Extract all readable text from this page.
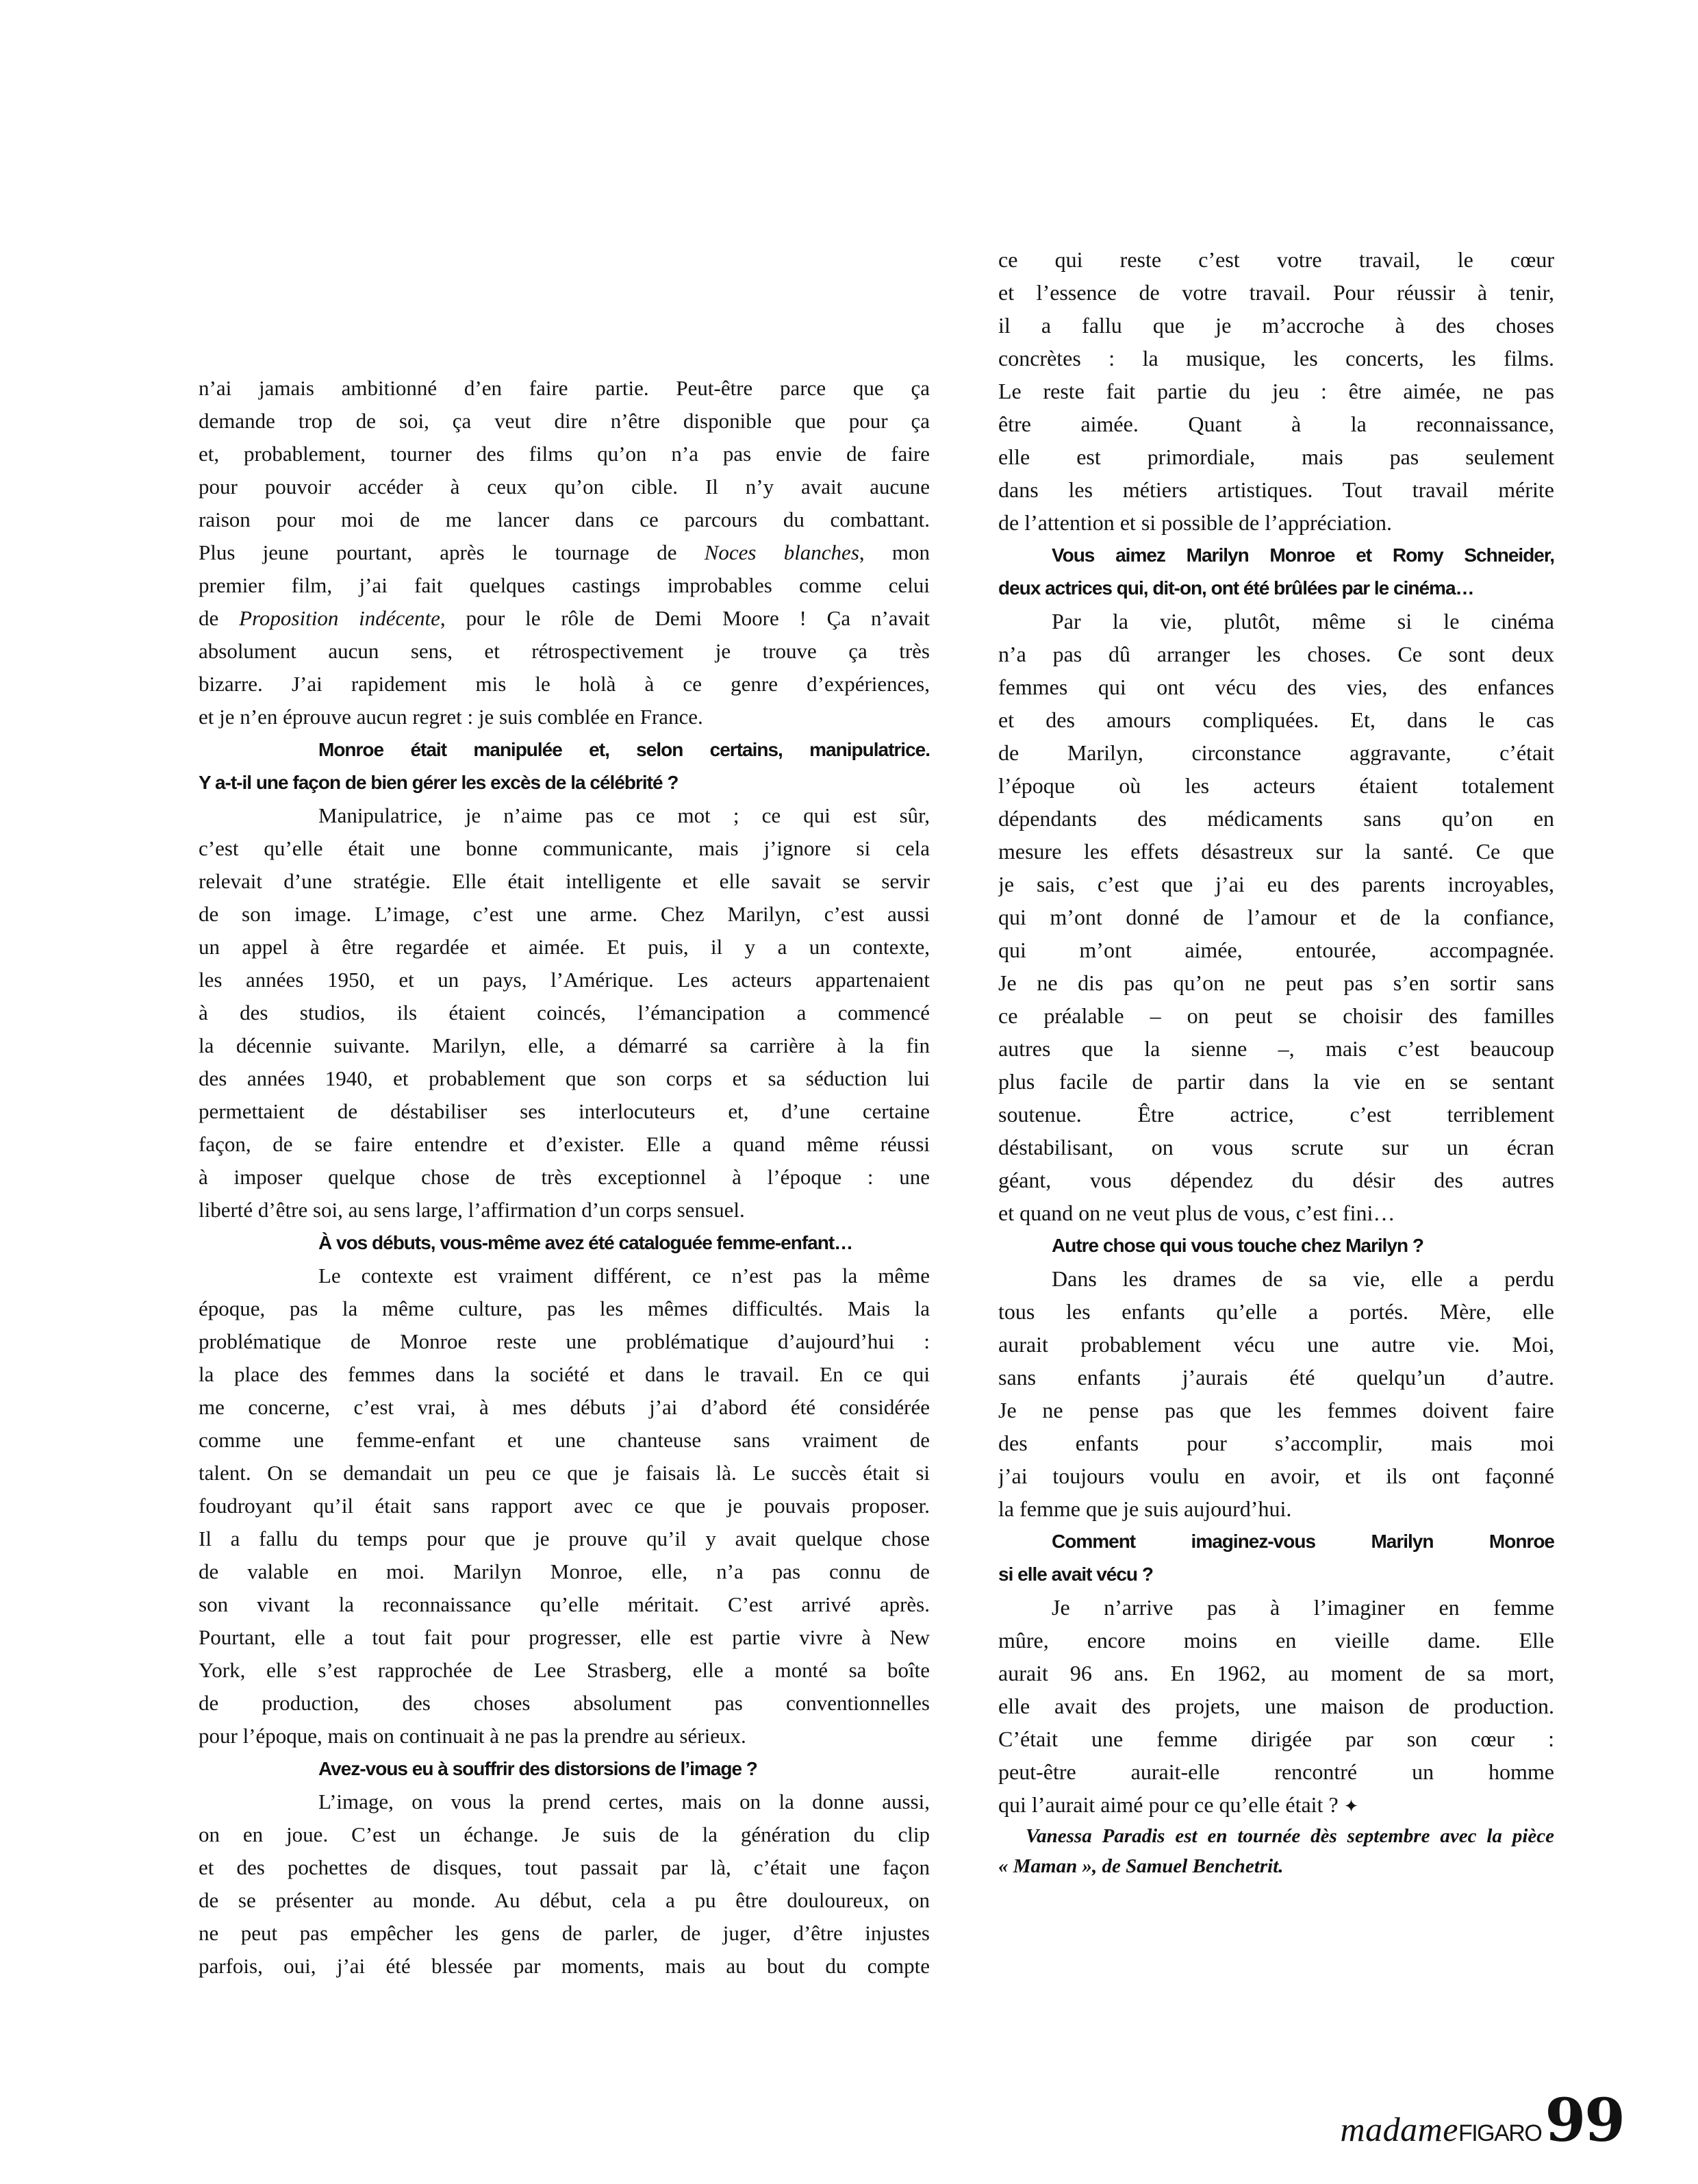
n’ai jamais ambitionné d’en faire partie. Peut-être parce que ça
demande trop de soi, ça veut dire n’être disponible que pour ça
et, probablement, tourner des films qu’on n’a pas envie de faire
pour pouvoir accéder à ceux qu’on cible. Il n’y avait aucune
raison pour moi de me lancer dans ce parcours du combattant.
Plus jeune pourtant, après le tournage de Noces blanches, mon
premier film, j’ai fait quelques castings improbables comme celui
de Proposition indécente, pour le rôle de Demi Moore ! Ça n’avait
absolument aucun sens, et rétrospectivement je trouve ça très
bizarre. J’ai rapidement mis le holà à ce genre d’expériences,
et je n’en éprouve aucun regret : je suis comblée en France.
Monroe était manipulée et, selon certains, manipulatrice.
Y a-t-il une façon de bien gérer les excès de la célébrité ?
Manipulatrice, je n’aime pas ce mot ; ce qui est sûr,
c’est qu’elle était une bonne communicante, mais j’ignore si cela
relevait d’une stratégie. Elle était intelligente et elle savait se servir
de son image. L’image, c’est une arme. Chez Marilyn, c’est aussi
un appel à être regardée et aimée. Et puis, il y a un contexte,
les années 1950, et un pays, l’Amérique. Les acteurs appartenaient
à des studios, ils étaient coincés, l’émancipation a commencé
la décennie suivante. Marilyn, elle, a démarré sa carrière à la fin
des années 1940, et probablement que son corps et sa séduction lui
permettaient de déstabiliser ses interlocuteurs et, d’une certaine
façon, de se faire entendre et d’exister. Elle a quand même réussi
à imposer quelque chose de très exceptionnel à l’époque : une
liberté d’être soi, au sens large, l’affirmation d’un corps sensuel.
À vos débuts, vous-même avez été cataloguée femme-enfant…
Le contexte est vraiment différent, ce n’est pas la même
époque, pas la même culture, pas les mêmes difficultés. Mais la
problématique de Monroe reste une problématique d’aujourd’hui :
la place des femmes dans la société et dans le travail. En ce qui
me concerne, c’est vrai, à mes débuts j’ai d’abord été considérée
comme une femme-enfant et une chanteuse sans vraiment de
talent. On se demandait un peu ce que je faisais là. Le succès était si
foudroyant qu’il était sans rapport avec ce que je pouvais proposer.
Il a fallu du temps pour que je prouve qu’il y avait quelque chose
de valable en moi. Marilyn Monroe, elle, n’a pas connu de
son vivant la reconnaissance qu’elle méritait. C’est arrivé après.
Pourtant, elle a tout fait pour progresser, elle est partie vivre à New
York, elle s’est rapprochée de Lee Strasberg, elle a monté sa boîte
de production, des choses absolument pas conventionnelles
pour l’époque, mais on continuait à ne pas la prendre au sérieux.
Avez-vous eu à souffrir des distorsions de l’image ?
L’image, on vous la prend certes, mais on la donne aussi,
on en joue. C’est un échange. Je suis de la génération du clip
et des pochettes de disques, tout passait par là, c’était une façon
de se présenter au monde. Au début, cela a pu être douloureux, on
ne peut pas empêcher les gens de parler, de juger, d’être injustes
parfois, oui, j’ai été blessée par moments, mais au bout du compte
ce qui reste c’est votre travail, le cœur
et l’essence de votre travail. Pour réussir à tenir,
il a fallu que je m’accroche à des choses
concrètes : la musique, les concerts, les films.
Le reste fait partie du jeu : être aimée, ne pas
être aimée. Quant à la reconnaissance,
elle est primordiale, mais pas seulement
dans les métiers artistiques. Tout travail mérite
de l’attention et si possible de l’appréciation.
Vous aimez Marilyn Monroe et Romy Schneider,
deux actrices qui, dit-on, ont été brûlées par le cinéma…
Par la vie, plutôt, même si le cinéma
n’a pas dû arranger les choses. Ce sont deux
femmes qui ont vécu des vies, des enfances
et des amours compliquées. Et, dans le cas
de Marilyn, circonstance aggravante, c’était
l’époque où les acteurs étaient totalement
dépendants des médicaments sans qu’on en
mesure les effets désastreux sur la santé. Ce que
je sais, c’est que j’ai eu des parents incroyables,
qui m’ont donné de l’amour et de la confiance,
qui m’ont aimée, entourée, accompagnée.
Je ne dis pas qu’on ne peut pas s’en sortir sans
ce préalable – on peut se choisir des familles
autres que la sienne –, mais c’est beaucoup
plus facile de partir dans la vie en se sentant
soutenue. Être actrice, c’est terriblement
déstabilisant, on vous scrute sur un écran
géant, vous dépendez du désir des autres
et quand on ne veut plus de vous, c’est fini…
Autre chose qui vous touche chez Marilyn ?
Dans les drames de sa vie, elle a perdu
tous les enfants qu’elle a portés. Mère, elle
aurait probablement vécu une autre vie. Moi,
sans enfants j’aurais été quelqu’un d’autre.
Je ne pense pas que les femmes doivent faire
des enfants pour s’accomplir, mais moi
j’ai toujours voulu en avoir, et ils ont façonné
la femme que je suis aujourd’hui.
Comment imaginez-vous Marilyn Monroe
si elle avait vécu ?
Je n’arrive pas à l’imaginer en femme
mûre, encore moins en vieille dame. Elle
aurait 96 ans. En 1962, au moment de sa mort,
elle avait des projets, une maison de production.
C’était une femme dirigée par son cœur :
peut-être aurait-elle rencontré un homme
qui l’aurait aimé pour ce qu’elle était ? ✦
Vanessa Paradis est en tournée dès septembre avec la pièce
« Maman », de Samuel Benchetrit.
madame FIGARO 99
